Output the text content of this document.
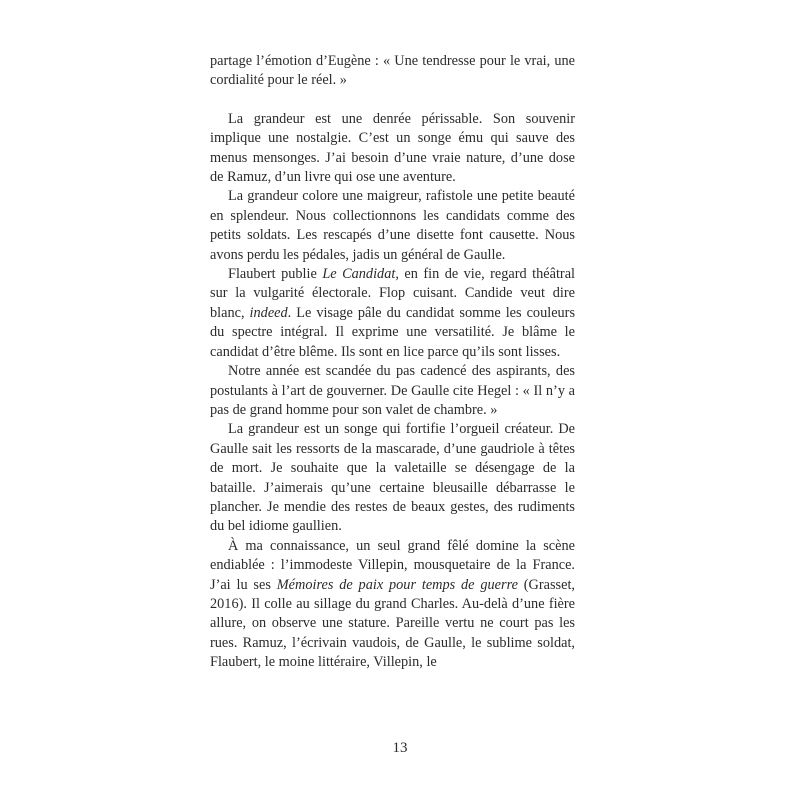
partage l’émotion d’Eugène : « Une tendresse pour le vrai, une cordialité pour le réel. »

La grandeur est une denrée périssable. Son souvenir implique une nostalgie. C’est un songe ému qui sauve des menus mensonges. J’ai besoin d’une vraie nature, d’une dose de Ramuz, d’un livre qui ose une aventure.

La grandeur colore une maigreur, rafistole une petite beauté en splendeur. Nous collectionnons les candidats comme des petits soldats. Les rescapés d’une disette font causette. Nous avons perdu les pédales, jadis un général de Gaulle.

Flaubert publie Le Candidat, en fin de vie, regard théâtral sur la vulgarité électorale. Flop cuisant. Candide veut dire blanc, indeed. Le visage pâle du candidat somme les couleurs du spectre intégral. Il exprime une versatilité. Je blâme le candidat d’être blême. Ils sont en lice parce qu’ils sont lisses.

Notre année est scandée du pas cadencé des aspirants, des postulants à l’art de gouverner. De Gaulle cite Hegel : « Il n’y a pas de grand homme pour son valet de chambre. »

La grandeur est un songe qui fortifie l’orgueil créateur. De Gaulle sait les ressorts de la mascarade, d’une gaudriole à têtes de mort. Je souhaite que la valetaille se désengage de la bataille. J’aimerais qu’une certaine bleusaille débarrasse le plancher. Je mendie des restes de beaux gestes, des rudiments du bel idiome gaullien.

À ma connaissance, un seul grand fêlé domine la scène endiablée : l’immodeste Villepin, mousquetaire de la France. J’ai lu ses Mémoires de paix pour temps de guerre (Grasset, 2016). Il colle au sillage du grand Charles. Au-delà d’une fière allure, on observe une stature. Pareille vertu ne court pas les rues. Ramuz, l’écrivain vaudois, de Gaulle, le sublime soldat, Flaubert, le moine littéraire, Villepin, le

13
